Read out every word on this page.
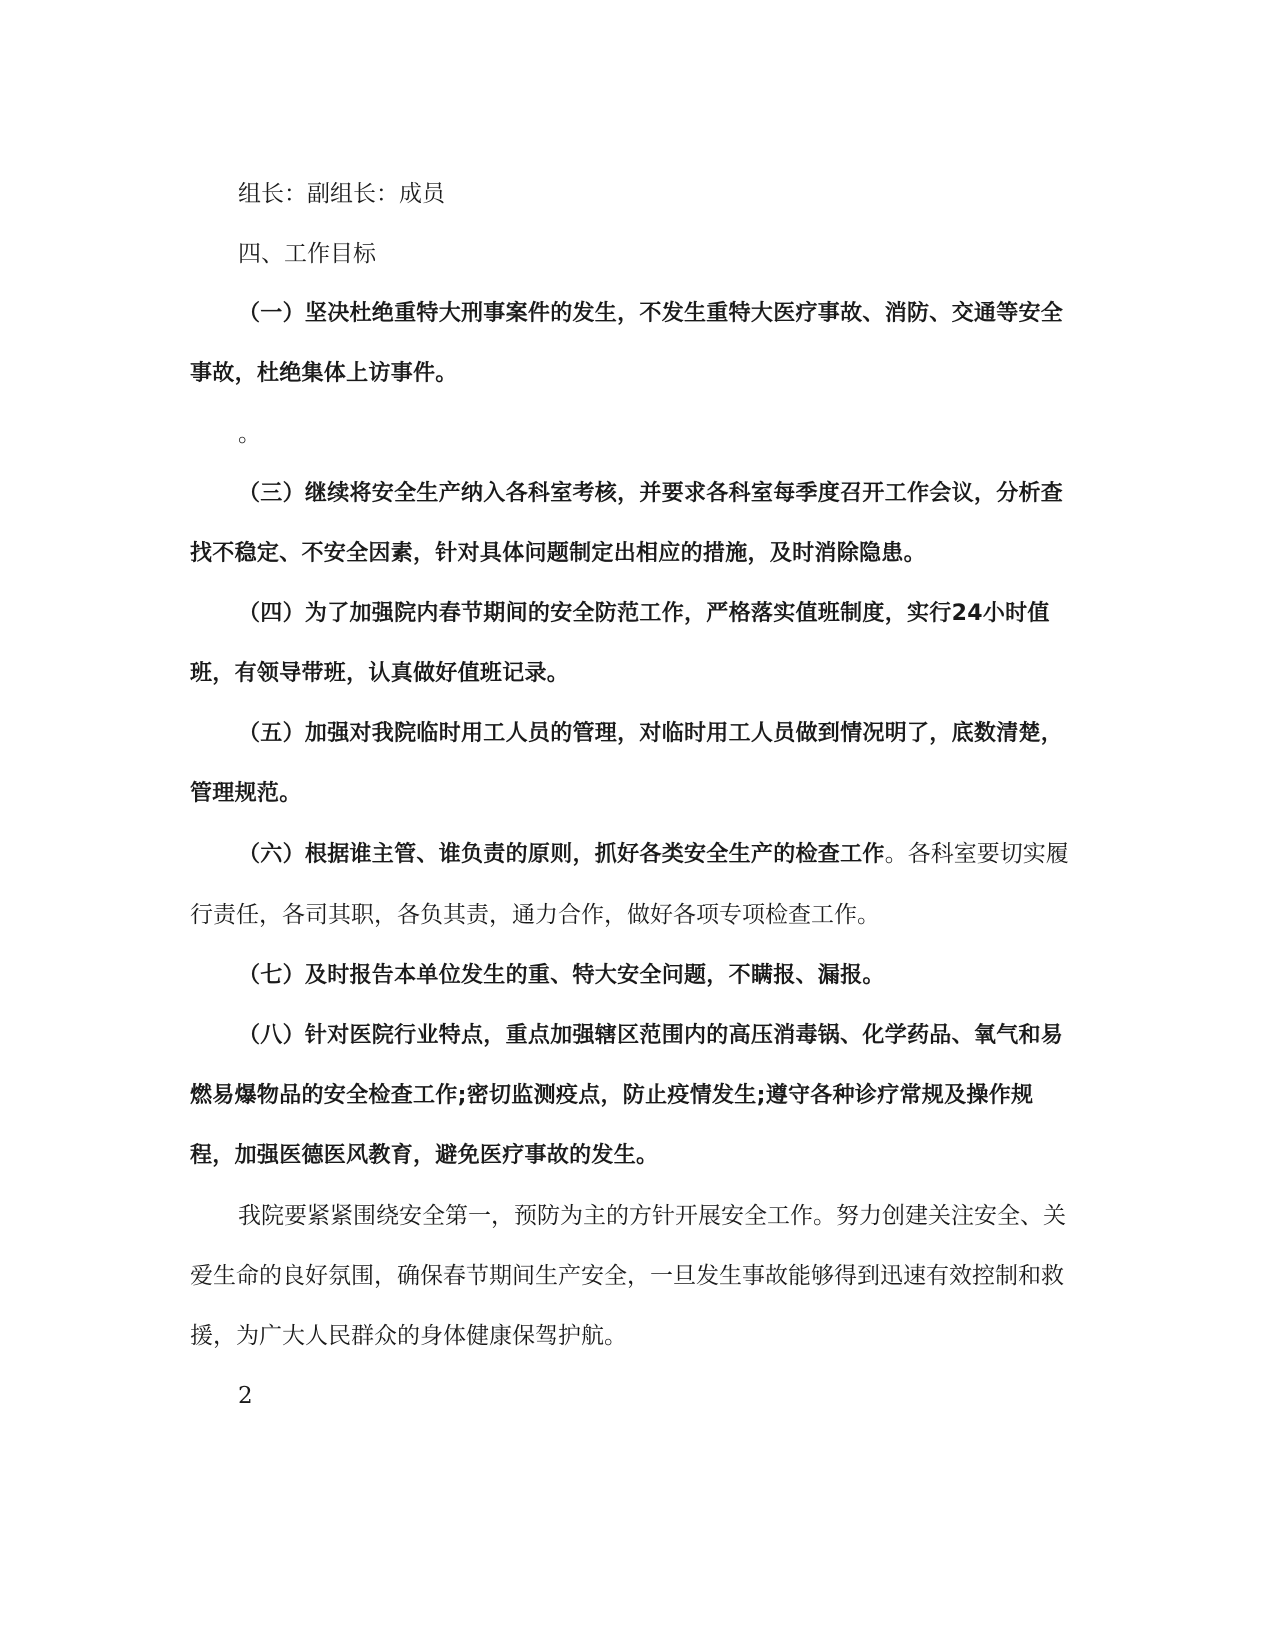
组长：副组长：成员

四、工作目标

（一）坚决杜绝重特大刑事案件的发生，不发生重特大医疗事故、消防、交通等安全事故，杜绝集体上访事件。

。

（三）继续将安全生产纳入各科室考核，并要求各科室每季度召开工作会议，分析查找不稳定、不安全因素，针对具体问题制定出相应的措施，及时消除隐患。

（四）为了加强院内春节期间的安全防范工作，严格落实值班制度，实行24小时值班，有领导带班，认真做好值班记录。

（五）加强对我院临时用工人员的管理，对临时用工人员做到情况明了，底数清楚，管理规范。

（六）根据谁主管、谁负责的原则，抓好各类安全生产的检查工作。各科室要切实履行责任，各司其职，各负其责，通力合作，做好各项专项检查工作。

（七）及时报告本单位发生的重、特大安全问题，不瞒报、漏报。

（八）针对医院行业特点，重点加强辖区范围内的高压消毒锅、化学药品、氧气和易燃易爆物品的安全检查工作;密切监测疫点，防止疫情发生;遵守各种诊疗常规及操作规程，加强医德医风教育，避免医疗事故的发生。

我院要紧紧围绕安全第一，预防为主的方针开展安全工作。努力创建关注安全、关爱生命的良好氛围，确保春节期间生产安全，一旦发生事故能够得到迅速有效控制和救援，为广大人民群众的身体健康保驾护航。

2
